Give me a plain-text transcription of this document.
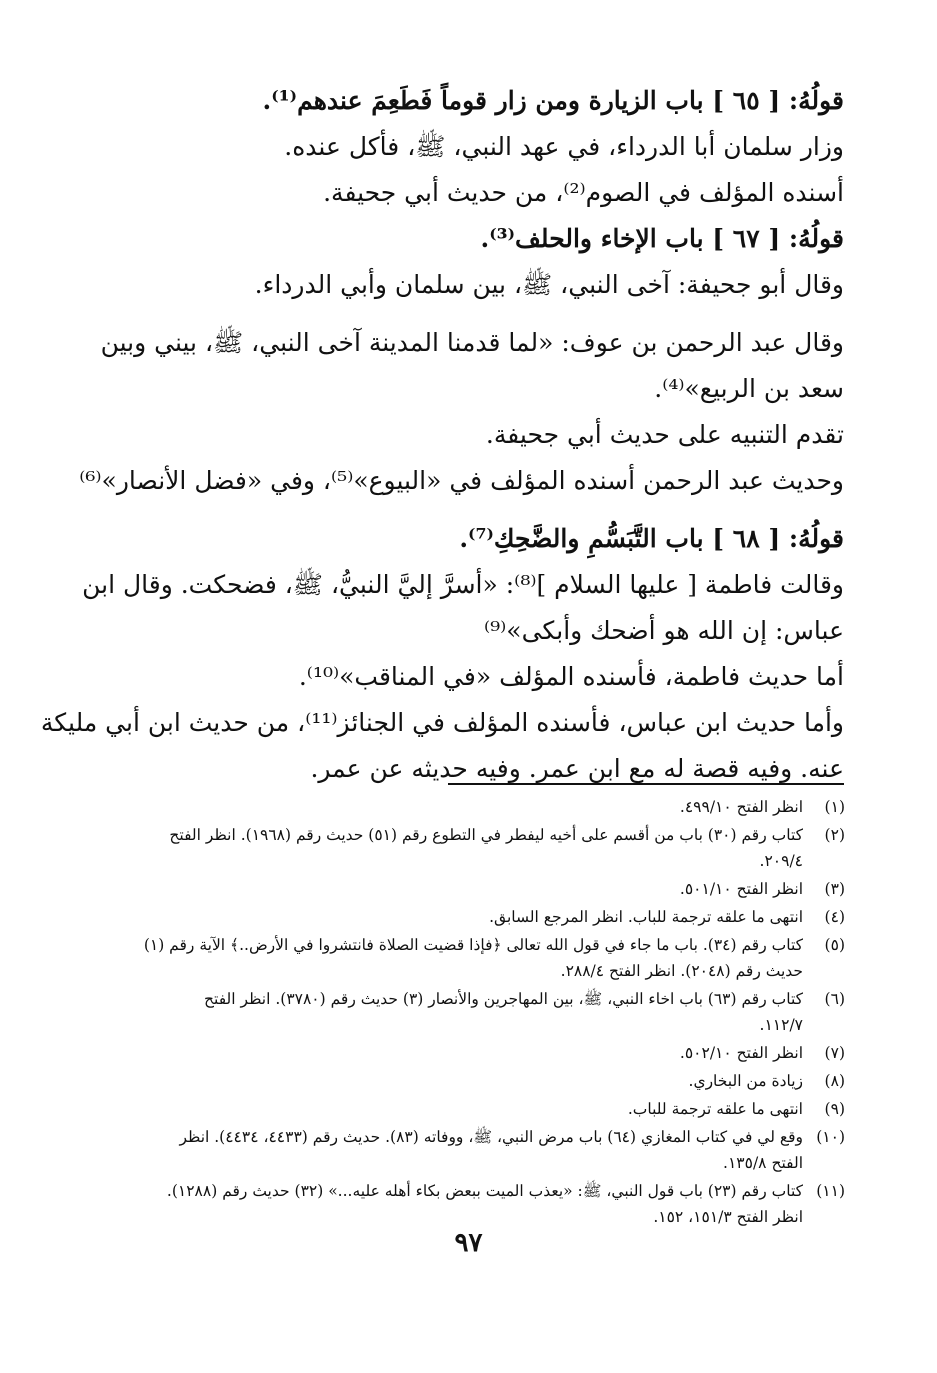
قولُهُ: [ ٦٥ ] باب الزيارة ومن زار قوماً فَطَعِمَ عندهم⁽¹⁾.
وزار سلمان أبا الدرداء، في عهد النبي، ﷺ، فأكل عنده.
أسنده المؤلف في الصوم⁽²⁾، من حديث أبي جحيفة.
قولُهُ: [ ٦٧ ] باب الإخاء والحلف⁽³⁾.
وقال أبو جحيفة: آخى النبي، ﷺ، بين سلمان وأبي الدرداء.
وقال عبد الرحمن بن عوف: «لما قدمنا المدينة آخى النبي، ﷺ، بيني وبين
سعد بن الربيع»⁽⁴⁾.
تقدم التنبيه على حديث أبي جحيفة.
وحديث عبد الرحمن أسنده المؤلف في «البيوع»⁽⁵⁾، وفي «فضل الأنصار»⁽⁶⁾
قولُهُ: [ ٦٨ ] باب التَّبَسُّمِ والضَّحِكِ⁽⁷⁾.
وقالت فاطمة [ عليها السلام ]⁽⁸⁾: «أسرَّ إليَّ النبيُّ، ﷺ، فضحكت. وقال ابن
عباس: إن الله هو أضحك وأبكى»⁽⁹⁾
أما حديث فاطمة، فأسنده المؤلف «في المناقب»⁽¹⁰⁾.
وأما حديث ابن عباس، فأسنده المؤلف في الجنائز⁽¹¹⁾، من حديث ابن أبي مليكة
عنه. وفيه قصة له مع ابن عمر. وفيه حديثه عن عمر.
(١)
انظر الفتح ٤٩٩/١٠.
(٢)
كتاب رقم (٣٠) باب من أقسم على أخيه ليفطر في التطوع رقم (٥١) حديث رقم (١٩٦٨). انظر الفتح
٢٠٩/٤.
(٣)
انظر الفتح ٥٠١/١٠.
(٤)
انتهى ما علقه ترجمة للباب. انظر المرجع السابق.
(٥)
كتاب رقم (٣٤). باب ما جاء في قول الله تعالى ﴿فإذا قضيت الصلاة فانتشروا في الأرض..﴾ الآية رقم (١)
حديث رقم (٢٠٤٨). انظر الفتح ٢٨٨/٤.
(٦)
كتاب رقم (٦٣) باب اخاء النبي، ﷺ، بين المهاجرين والأنصار (٣) حديث رقم (٣٧٨٠). انظر الفتح
١١٢/٧.
(٧)
انظر الفتح ٥٠٢/١٠.
(٨)
زيادة من البخاري.
(٩)
انتهى ما علقه ترجمة للباب.
(١٠)
وقع لي في كتاب المغازي (٦٤) باب مرض النبي، ﷺ، ووفاته (٨٣). حديث رقم (٤٤٣٣، ٤٤٣٤). انظر
الفتح ١٣٥/٨.
(١١)
كتاب رقم (٢٣) باب قول النبي، ﷺ: «يعذب الميت ببعض بكاء أهله عليه...» (٣٢) حديث رقم (١٢٨٨).
انظر الفتح ١٥١/٣، ١٥٢.
٩٧
